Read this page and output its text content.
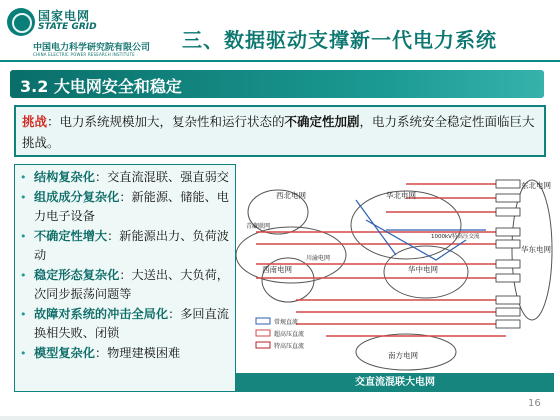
国家电网
STATE GRID
中国电力科学研究院有限公司
CHINA ELECTRIC POWER RESEARCH INSTITUTE
三、数据驱动支撑新一代电力系统
3.2 大电网安全和稳定
挑战：电力系统规模加大，复杂性和运行状态的不确定性加剧，电力系统安全稳定性面临巨大挑战。
• 结构复杂化：交直流混联、强直弱交
• 组成成分复杂化：新能源、储能、电力电子设备
• 不确定性增大：新能源出力、负荷波动
• 稳定形态复杂化：大送出、大负荷，次同步振荡问题等
• 故障对系统的冲击全局化：多回直流换相失败、闭锁
• 模型复杂化：物理建模困难
西北电网	华北电网
东北电网
华东电网
华中电网
西南电网
南方电网
青藏联网
川渝电网
1000kV特高压交流
常规直流
超高压直流
特高压直流
交直流混联大电网
16
